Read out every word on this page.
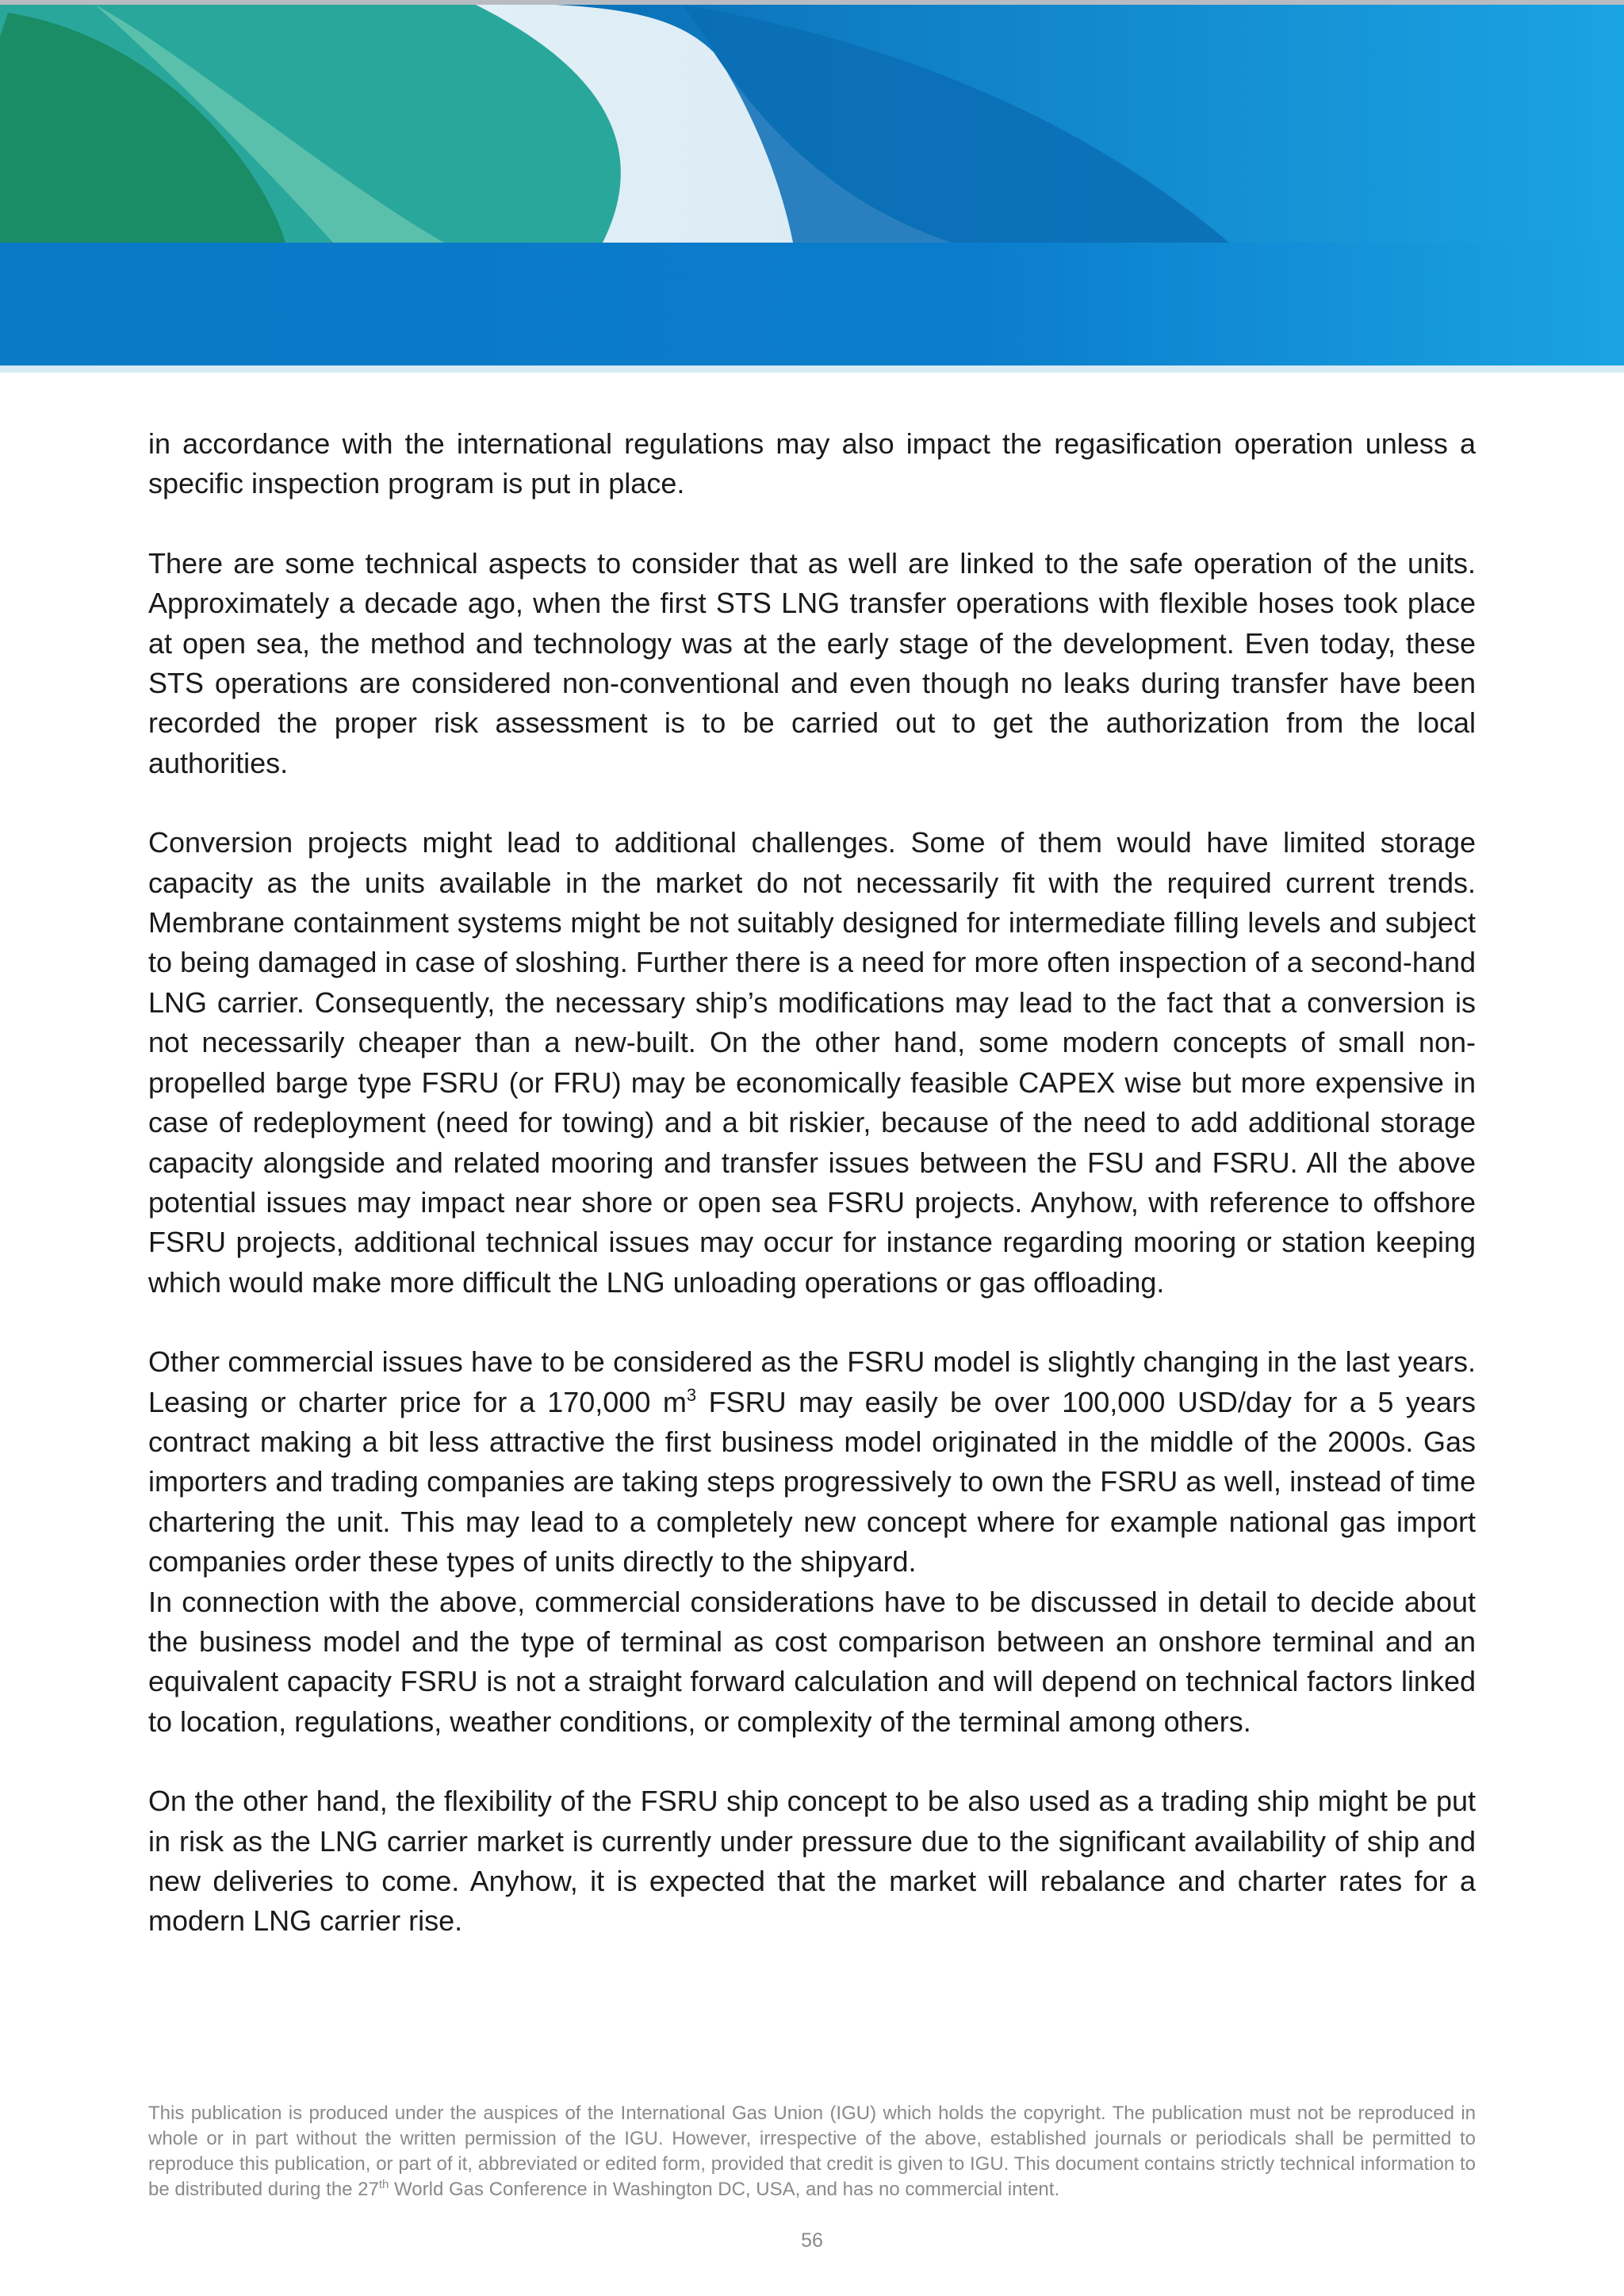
in accordance with the international regulations may also impact the regasification operation unless a specific inspection program is put in place.

There are some technical aspects to consider that as well are linked to the safe operation of the units. Approximately a decade ago, when the first STS LNG transfer operations with flexible hoses took place at open sea, the method and technology was at the early stage of the development. Even today, these STS operations are considered non-conventional and even though no leaks during transfer have been recorded the proper risk assessment is to be carried out to get the authorization from the local authorities.

Conversion projects might lead to additional challenges. Some of them would have limited storage capacity as the units available in the market do not necessarily fit with the required current trends. Membrane containment systems might be not suitably designed for intermediate filling levels and subject to being damaged in case of sloshing. Further there is a need for more often inspection of a second-hand LNG carrier. Consequently, the necessary ship’s modifications may lead to the fact that a conversion is not necessarily cheaper than a new-built. On the other hand, some modern concepts of small non-propelled barge type FSRU (or FRU) may be economically feasible CAPEX wise but more expensive in case of redeployment (need for towing) and a bit riskier, because of the need to add additional storage capacity alongside and related mooring and transfer issues between the FSU and FSRU. All the above potential issues may impact near shore or open sea FSRU projects. Anyhow, with reference to offshore FSRU projects, additional technical issues may occur for instance regarding mooring or station keeping which would make more difficult the LNG unloading operations or gas offloading.

Other commercial issues have to be considered as the FSRU model is slightly changing in the last years. Leasing or charter price for a 170,000 $m^3$ FSRU may easily be over 100,000 USD/day for a 5 years contract making a bit less attractive the first business model originated in the middle of the 2000s. Gas importers and trading companies are taking steps progressively to own the FSRU as well, instead of time chartering the unit. This may lead to a completely new concept where for example national gas import companies order these types of units directly to the shipyard.

In connection with the above, commercial considerations have to be discussed in detail to decide about the business model and the type of terminal as cost comparison between an onshore terminal and an equivalent capacity FSRU is not a straight forward calculation and will depend on technical factors linked to location, regulations, weather conditions, or complexity of the terminal among others.

On the other hand, the flexibility of the FSRU ship concept to be also used as a trading ship might be put in risk as the LNG carrier market is currently under pressure due to the significant availability of ship and new deliveries to come. Anyhow, it is expected that the market will rebalance and charter rates for a modern LNG carrier rise.

This publication is produced under the auspices of the International Gas Union (IGU) which holds the copyright. The publication must not be reproduced in whole or in part without the written permission of the IGU. However, irrespective of the above, established journals or periodicals shall be permitted to reproduce this publication, or part of it, abbreviated or edited form, provided that credit is given to IGU. This document contains strictly technical information to be distributed during the 27th World Gas Conference in Washington DC, USA, and has no commercial intent.
56
